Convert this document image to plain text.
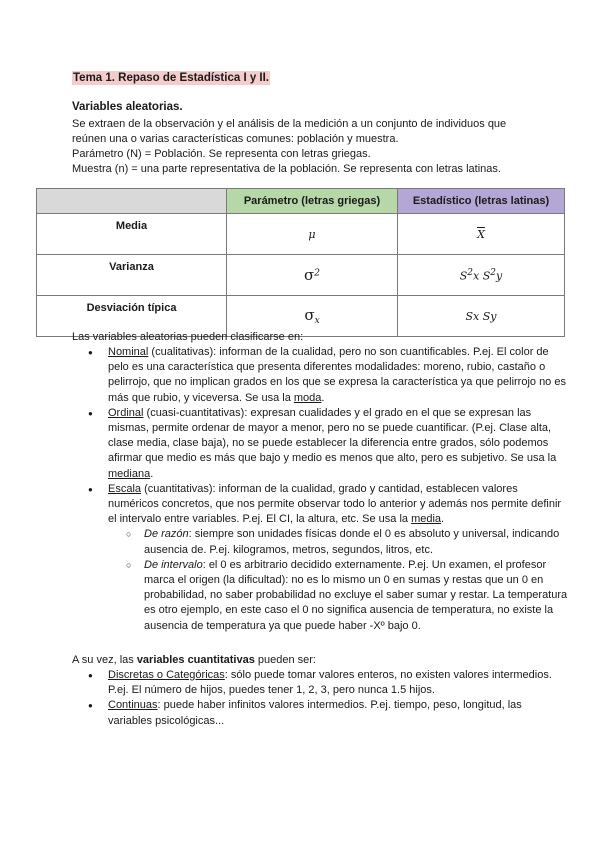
Tema 1. Repaso de Estadística I y II.
Variables aleatorias.
Se extraen de la observación y el análisis de la medición a un conjunto de individuos que
reúnen una o varias características comunes: población y muestra.
Parámetro (N) = Población. Se representa con letras griegas.
Muestra (n) = una parte representativa de la población. Se representa con letras latinas.
	Parámetro (letras griegas)	Estadístico (letras latinas)
Media	μ	$\overline{X}$
Varianza	$\sigma^2$	$S^2x$ $S^2y$
Desviación típica	$\sigma_x$	Sx Sy
Las variables aleatorias pueden clasificarse en:
● Nominal (cualitativas): informan de la cualidad, pero no son cuantificables. P.ej. El color de pelo es una característica que presenta diferentes modalidades: moreno, rubio, castaño o pelirrojo, que no implican grados en los que se expresa la característica ya que pelirrojo no es más que rubio, y viceversa. Se usa la moda.
● Ordinal (cuasi-cuantitativas): expresan cualidades y el grado en el que se expresan las mismas, permite ordenar de mayor a menor, pero no se puede cuantificar. (P.ej. Clase alta, clase media, clase baja), no se puede establecer la diferencia entre grados, sólo podemos afirmar que medio es más que bajo y medio es menos que alto, pero es subjetivo. Se usa la mediana.
● Escala (cuantitativas): informan de la cualidad, grado y cantidad, establecen valores numéricos concretos, que nos permite observar todo lo anterior y además nos permite definir el intervalo entre variables. P.ej. El CI, la altura, etc. Se usa la media.
○ De razón: siempre son unidades físicas donde el 0 es absoluto y universal, indicando ausencia de. P.ej. kilogramos, metros, segundos, litros, etc.
○ De intervalo: el 0 es arbitrario decidido externamente. P.ej. Un examen, el profesor marca el origen (la dificultad): no es lo mismo un 0 en sumas y restas que un 0 en probabilidad, no saber probabilidad no excluye el saber sumar y restar. La temperatura es otro ejemplo, en este caso el 0 no significa ausencia de temperatura, no existe la ausencia de temperatura ya que puede haber -Xº bajo 0.
A su vez, las variables cuantitativas pueden ser:
● Discretas o Categóricas: sólo puede tomar valores enteros, no existen valores intermedios. P.ej. El número de hijos, puedes tener 1, 2, 3, pero nunca 1.5 hijos.
● Continuas: puede haber infinitos valores intermedios. P.ej. tiempo, peso, longitud, las variables psicológicas...
